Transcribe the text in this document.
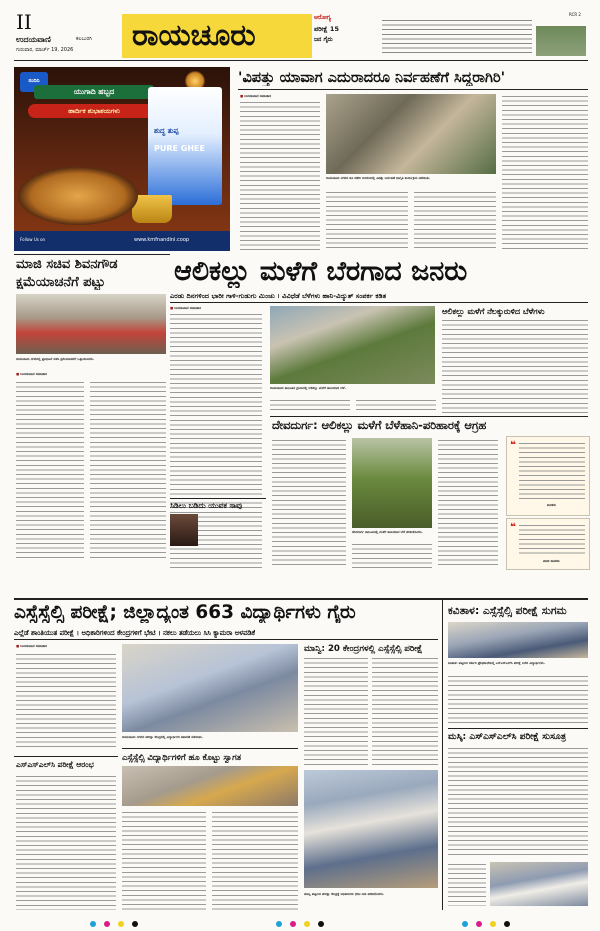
II
ಉದಯವಾಣಿ	ಕಲಬುರಗಿ
ಗುರುವಾರ, ಮಾರ್ಚ್ 19, 2026 ರಾಯಚೂರು
ಆರೋಗ್ಯ
ಪರೀಕ್ಷೆ 15
ಜನ ಗೈರು
RCR 2
ನಂದಿನಿ
ಯುಗಾದಿ ಹಬ್ಬದ
ಹಾರ್ದಿಕ ಶುಭಾಶಯಗಳು
ಶುದ್ಧ ತುಪ್ಪ
PURE GHEE
Follow Us on	www.kmfnandini.coop
'ವಿಪತ್ತು ಯಾವಾಗ ಎದುರಾದರೂ ನಿರ್ವಹಣೆಗೆ ಸಿದ್ಧರಾಗಿರಿ'
■ ಉದಯವಾಣಿ ಸಮಾಚಾರ
ರಾಯಚೂರು ನಗರದ ಡಿಸಿ ಕಚೇರಿ ಆವರಣದಲ್ಲಿ ವಿಪತ್ತು ನಿರ್ವಹಣೆ ಜಾಗೃತಿ ಕಾರ್ಯಕ್ರಮ ನಡೆಯಿತು.
ಮಾಜಿ ಸಚಿವ ಶಿವನಗೌಡ
ಕ್ಷಮೆಯಾಚನೆಗೆ ಪಟ್ಟು
ರಾಯಚೂರು ನಗರದಲ್ಲಿ ಪ್ರತಿಭಟನೆ ನಡೆಸಿ ಕ್ಷಮೆಯಾಚನೆಗೆ ಒತ್ತಾಯಿಸಿದರು.
■ ಉದಯವಾಣಿ ಸಮಾಚಾರ
ಆಲಿಕಲ್ಲು ಮಳೆಗೆ ಬೆರಗಾದ ಜನರು
ಎರಡು ದಿನಗಳಿಂದ ಭಾರೀ ಗಾಳಿ-ಗುಡುಗು ಮಿಂಚು । ವಿವಿಧೆಡೆ ಬೆಳೆಗಳು ಹಾನಿ-ವಿದ್ಯುತ್ ಸಂಪರ್ಕ ಕಡಿತ
■ ಉದಯವಾಣಿ ಸಮಾಚಾರ
ರಾಯಚೂರು ತಾಲೂಕಿನ ಗ್ರಾಮದಲ್ಲಿ ಆಲಿಕಲ್ಲು ಮಳೆಗೆ ಹಾನಿಯಾದ ಬೆಳೆ.
ಆಲಿಕಲ್ಲು ಮಳೆಗೆ ನೆಲಕ್ಕುರುಳಿದ ಬೆಳೆಗಳು
ದೇವದುರ್ಗ: ಆಲಿಕಲ್ಲು ಮಳೆಗೆ ಬೆಳೆಹಾನಿ-ಪರಿಹಾರಕ್ಕೆ ಆಗ್ರಹ
ದೇವದುರ್ಗ ತಾಲೂಕಿನಲ್ಲಿ ಮಳೆಗೆ ಹಾನಿಯಾದ ಬೆಳೆ ಪರಿಶೀಲಿಸಿದರು.
❝
ಶಾಸಕರು
❝
ಮಾಜಿ ಶಾಸಕರು
ಸಿಡಿಲು ಬಡಿದು ಯುವಕ ಸಾವು
ಎಸ್ಸೆಸ್ಸೆಲ್ಸಿ ಪರೀಕ್ಷೆ; ಜಿಲ್ಲಾದ್ಯಂತ 663 ವಿದ್ಯಾರ್ಥಿಗಳು ಗೈರು
ಎಲ್ಲೆಡೆ ಶಾಂತಿಯುತ ಪರೀಕ್ಷೆ । ಅಧಿಕಾರಿಗಳಿಂದ ಕೇಂದ್ರಗಳಿಗೆ ಭೇಟಿ । ನಕಲು ತಡೆಯಲು ಸಿಸಿ ಕ್ಯಾಮರಾ ಅಳವಡಿಕೆ
■ ಉದಯವಾಣಿ ಸಮಾಚಾರ
ರಾಯಚೂರು ನಗರದ ಪರೀಕ್ಷಾ ಕೇಂದ್ರದಲ್ಲಿ ವಿದ್ಯಾರ್ಥಿಗಳ ತಪಾಸಣೆ ನಡೆಯಿತು.
ಮಾನ್ವಿ: 20 ಕೇಂದ್ರಗಳಲ್ಲಿ ಎಸ್ಸೆಸ್ಸೆಲ್ಸಿ ಪರೀಕ್ಷೆ
ಎಸ್ಸೆಸ್ಸೆಲ್ಸಿ ವಿದ್ಯಾರ್ಥಿಗಳಿಗೆ ಹೂ ಕೊಟ್ಟು ಸ್ವಾಗತ
ಎಸ್‌ಎಸ್‌ಎಲ್‌ಸಿ ಪರೀಕ್ಷೆ ಆರಂಭ
ಮಾನ್ವಿ ಪಟ್ಟಣದ ಪರೀಕ್ಷಾ ಕೇಂದ್ರಕ್ಕೆ ಅಧಿಕಾರಿಗಳು ಭೇಟಿ ನೀಡಿ ಪರಿಶೀಲಿಸಿದರು.
ಕವಿತಾಳ: ಎಸ್ಸೆಸ್ಸೆಲ್ಸಿ ಪರೀಕ್ಷೆ ಸುಗಮ
ಕವಿತಾಳ: ಪಟ್ಟಣದ ಸರ್ಕಾರಿ ಪ್ರೌಢಶಾಲೆಯಲ್ಲಿ ಎಸ್ಎಸ್ಎಲ್‌ಸಿ ಪರೀಕ್ಷೆ ಬರೆದ ವಿದ್ಯಾರ್ಥಿಗಳು.
ಮಸ್ಕಿ: ಎಸ್ಎಸ್ಎಲ್‌ಸಿ ಪರೀಕ್ಷೆ ಸುಸೂತ್ರ
